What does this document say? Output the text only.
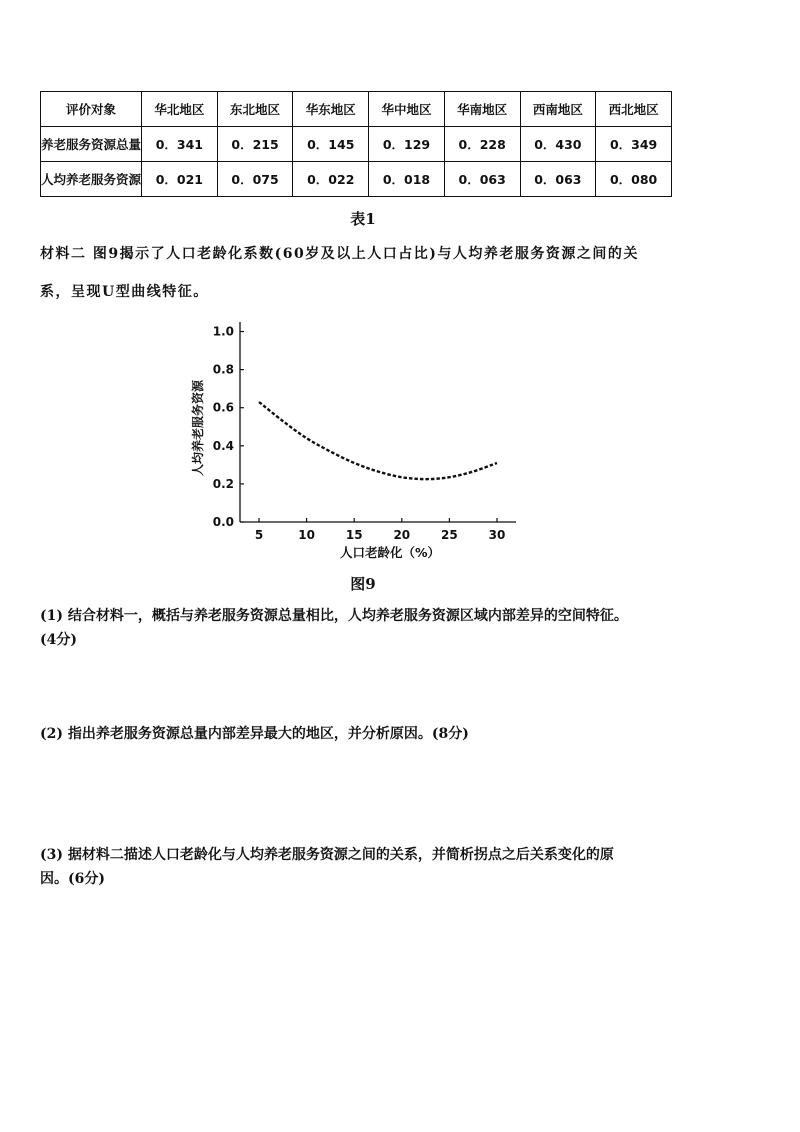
评价对象	华北地区	东北地区	华东地区	华中地区	华南地区	西南地区	西北地区
养老服务资源总量	0．341	0．215	0．145	0．129	0．228	0．430	0．349
人均养老服务资源	0．021	0．075	0．022	0．018	0．063	0．063	0．080
表1
材料二 图9揭示了人口老龄化系数(60岁及以上人口占比)与人均养老服务资源之间的关
系，呈现U型曲线特征。
0.0
0.2
0.4
0.6
0.8
1.0
5	10	15	20	25	30
人均养老服务资源
人口老龄化（%）
图9
(1) 结合材料一，概括与养老服务资源总量相比，人均养老服务资源区域内部差异的空间特征。
(4分)
(2) 指出养老服务资源总量内部差异最大的地区，并分析原因。(8分)
(3) 据材料二描述人口老龄化与人均养老服务资源之间的关系，并简析拐点之后关系变化的原
因。(6分)
